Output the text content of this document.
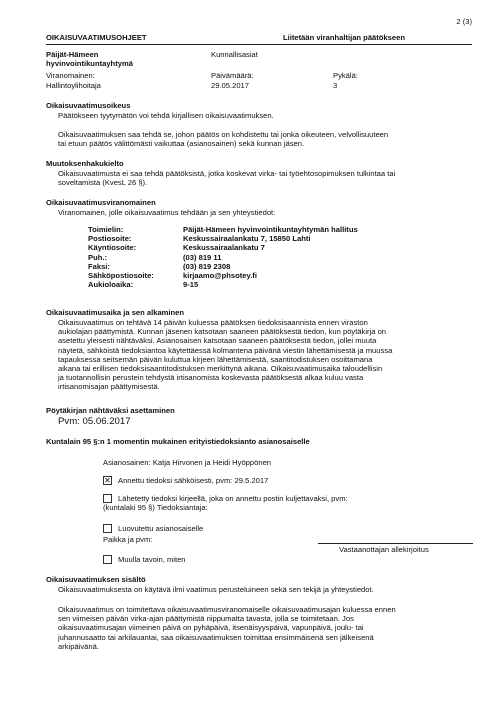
2 (3)
OIKAISUVAATIMUSOHJEET	Liitetään viranhaltijan päätökseen
Päijät-Hämeen
hyvinvointikuntayhtymä
Kunnallisasiat
Viranomainen:
Hallintoylihoitaja
Päivämäärä:
29.05.2017
Pykälä:
3
Oikaisuvaatimusoikeus
Päätökseen tyytymätön voi tehdä kirjallisen oikaisuvaatimuksen.
Oikaisuvaatimuksen saa tehdä se, johon päätös on kohdistettu tai jonka oikeuteen, velvollisuuteen
tai etuun päätös välittömästi vaikuttaa (asianosainen) sekä kunnan jäsen.
Muutoksenhakukielto
Oikaisuvaatimusta ei saa tehdä päätöksistä, jotka koskevat virka- tai työehtosopimuksen tulkintaa tai
soveltamista (KvesL 26 §).
Oikaisuvaatimusviranomainen
Viranomainen, jolle oikaisuvaatimus tehdään ja sen yhteystiedot:
Toimielin:	Päijät-Hämeen hyvinvointikuntayhtymän hallitus
Postiosoite:	Keskussairaalankatu 7, 15850 Lahti
Käyntiosoite:	Keskussairaalankatu 7
Puh.:	(03) 819 11
Faksi:	(03) 819 2308
Sähköpostiosoite:	kirjaamo@phsotey.fi
Aukioloaika:	9-15
Oikaisuvaatimusaika ja sen alkaminen
Oikaisuvaatimus on tehtävä 14 päivän kuluessa päätöksen tiedoksisaannista ennen viraston
aukiolajan päättymistä. Kunnan jäsenen katsotaan saaneen päätöksestä tiedon, kun pöytäkirja on
asetettu yleisesti nähtäväksi. Asianosaisen katsotaan saaneen päätöksestä tiedon, jollei muuta
näytetä, sähköistä tiedoksiantoa käytettäessä kolmantena päivänä viestin lähettämisestä ja muussa
tapauksessa seitsemän päivän kuluttua kirjeen lähettämisestä, saantitodistuksen osoittamana
aikana tai erillisen tiedoksisaantitodistuksen merkittynä aikana. Oikaisuvaatimusaika taloudellisin
ja tuotannollisin perustein tehdystä irtisanomista koskevasta päätöksestä alkaa kuluu vasta
irtisanomisajan päättymisestä.
Pöytäkirjan nähtäväksi asettaminen
Pvm: 05.06.2017
Kuntalain 95 §:n 1 momentin mukainen erityistiedoksianto asianosaiselle
Asianosainen: Katja Hirvonen ja Heidi Hyöppönen
✕ Annettu tiedoksi sähköisesti, pvm: 29.5.2017
Lähetetty tiedoksi kirjeellä, joka on annettu postin kuljettavaksi, pvm:
(kuntalaki 95 §) Tiedoksiantaja:
Luovutettu asianosaiselle
Paikka ja pvm:
Vastaanottajan allekirjoitus
Muulla tavoin, miten
Oikaisuvaatimuksen sisältö
Oikaisuvaatimuksesta on käytävä ilmi vaatimus perusteluineen sekä sen tekijä ja yhteystiedot.
Oikaisuvaatimus on toimitettava oikaisuvaatimusviranomaiselle oikaisuvaatimusajan kuluessa ennen
sen viimeisen päivän virka-ajan päättymistä riippumatta tavasta, jolla se toimitetaan. Jos
oikaisuvaatimusajan viimeinen päivä on pyhäpäivä, itsenäisyyspäivä, vapunpäivä, joulu- tai
juhannusaatto tai arkilauantai, saa oikaisuvaatimuksen toimittaa ensimmäisenä sen jälkeisenä
arkipäivänä.
